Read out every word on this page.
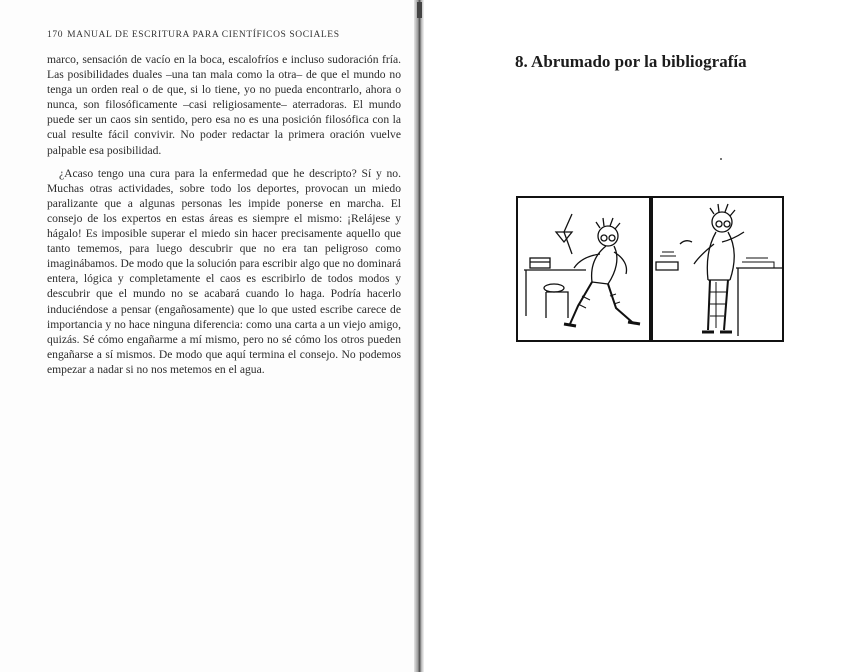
170 MANUAL DE ESCRITURA PARA CIENTÍFICOS SOCIALES

marco, sensación de vacío en la boca, escalofríos e incluso sudoración fría. Las posibilidades duales –una tan mala como la otra– de que el mundo no tenga un orden real o de que, si lo tiene, yo no pueda encontrarlo, ahora o nunca, son filosóficamente –casi religiosamente– aterradoras. El mundo puede ser un caos sin sentido, pero esa no es una posición filosófica con la cual resulte fácil convivir. No poder redactar la primera oración vuelve palpable esa posibilidad.

¿Acaso tengo una cura para la enfermedad que he descripto? Sí y no. Muchas otras actividades, sobre todo los deportes, provocan un miedo paralizante que a algunas personas les impide ponerse en marcha. El consejo de los expertos en estas áreas es siempre el mismo: ¡Relájese y hágalo! Es imposible superar el miedo sin hacer precisamente aquello que tanto tememos, para luego descubrir que no era tan peligroso como imaginábamos. De modo que la solución para escribir algo que no dominará entera, lógica y completamente el caos es escribirlo de todos modos y descubrir que el mundo no se acabará cuando lo haga. Podría hacerlo induciéndose a pensar (engañosamente) que lo que usted escribe carece de importancia y no hace ninguna diferencia: como una carta a un viejo amigo, quizás. Sé cómo engañarme a mí mismo, pero no sé cómo los otros pueden engañarse a sí mismos. De modo que aquí termina el consejo. No podemos empezar a nadar si no nos metemos en el agua.

8. Abrumado por la bibliografía
